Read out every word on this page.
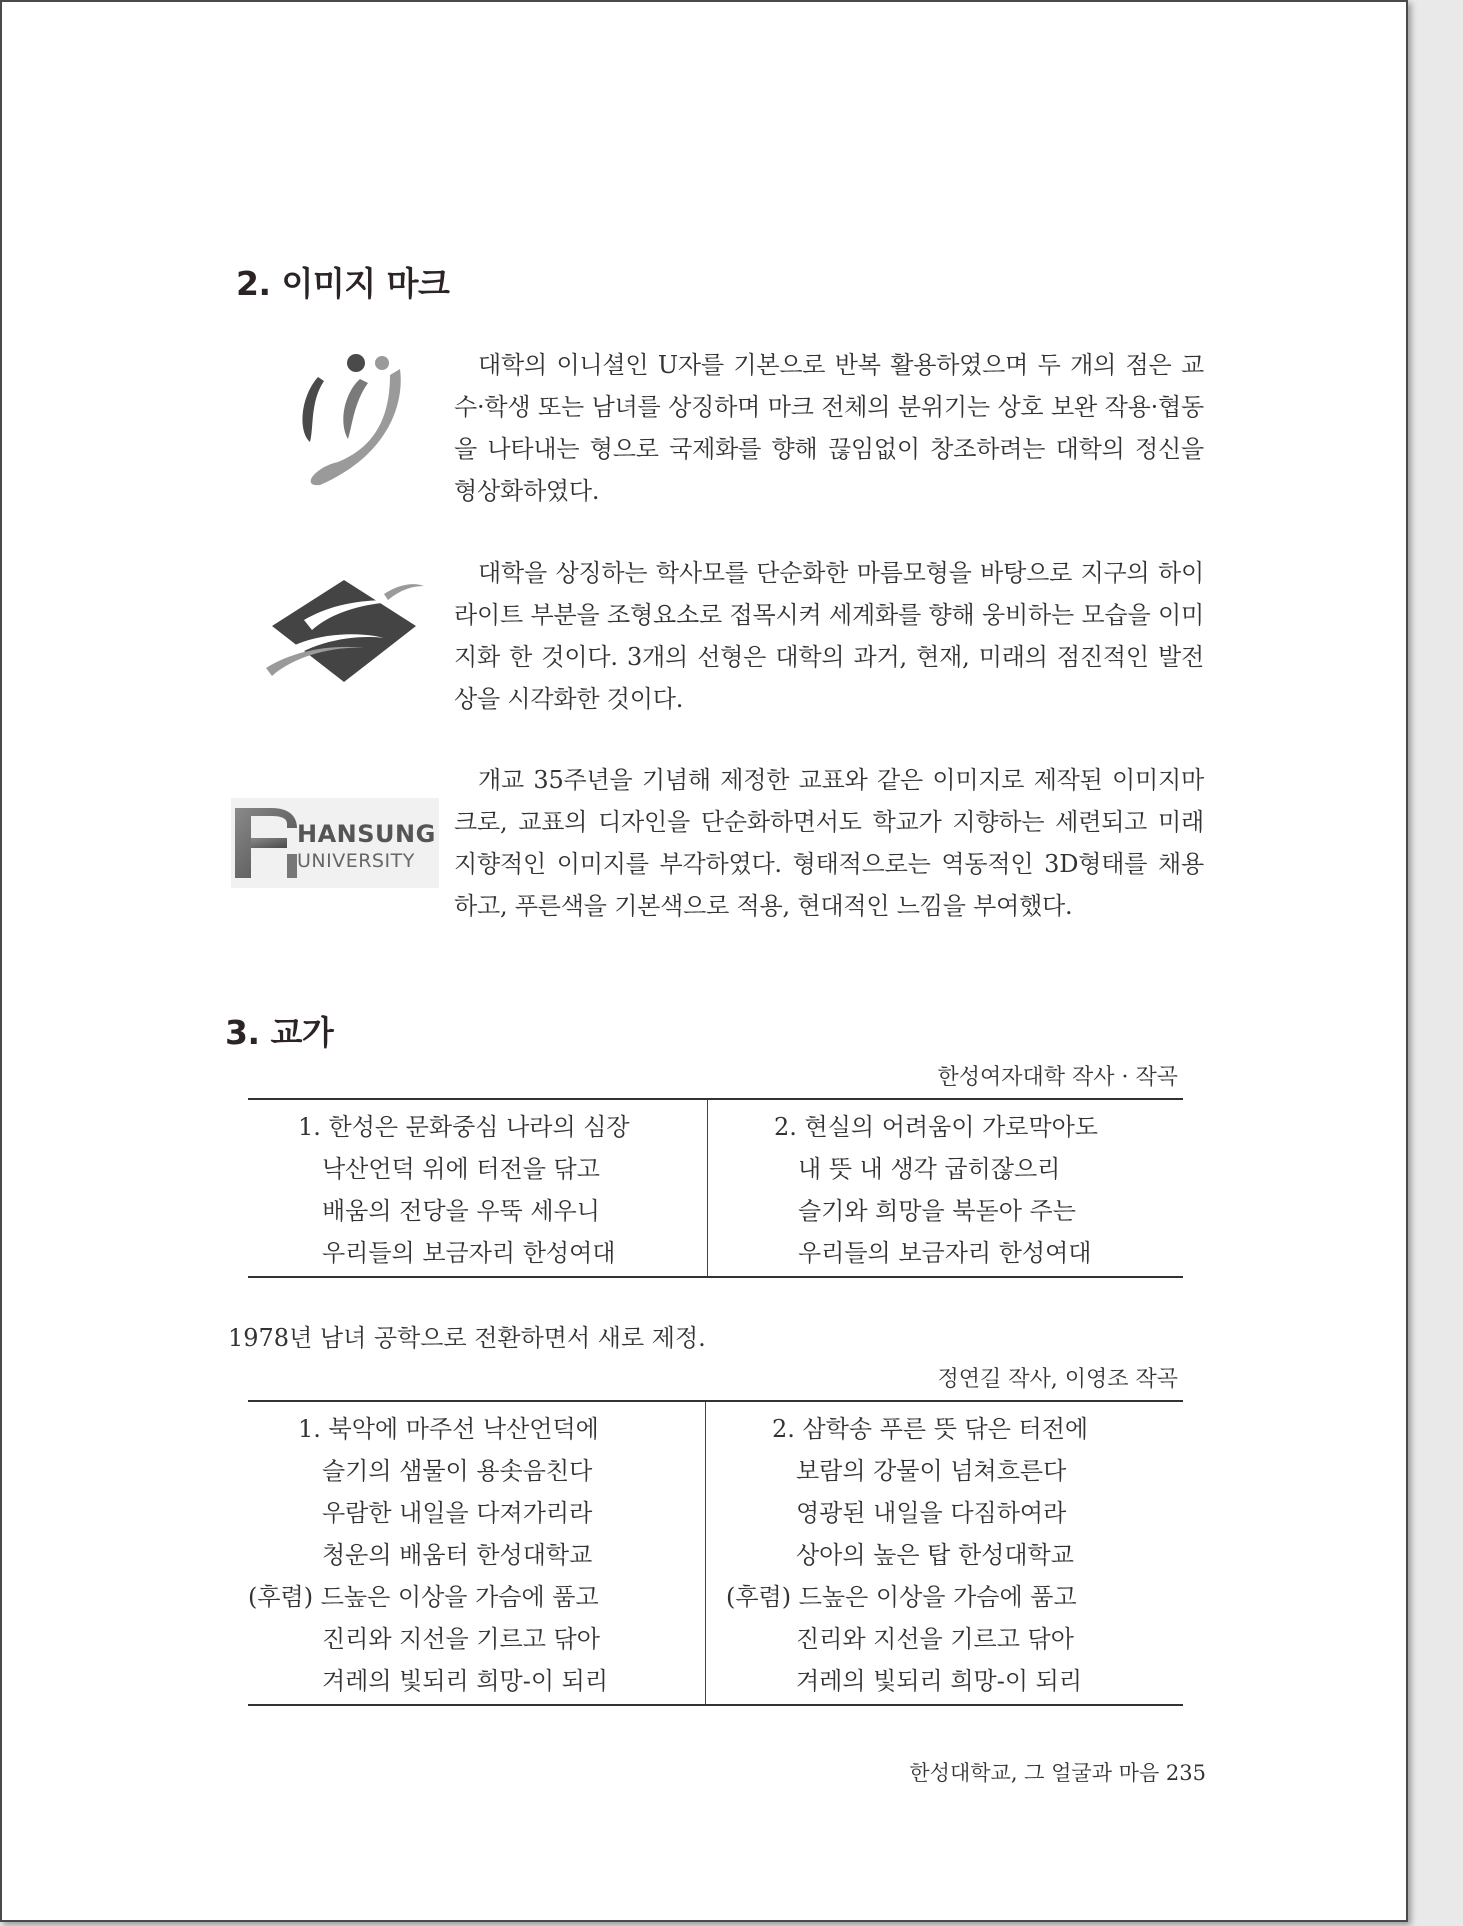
2. 이미지 마크
대학의 이니셜인 U자를 기본으로 반복 활용하였으며 두 개의 점은 교수·학생 또는 남녀를 상징하며 마크 전체의 분위기는 상호 보완 작용·협동을 나타내는 형으로 국제화를 향해 끊임없이 창조하려는 대학의 정신을 형상화하였다.
대학을 상징하는 학사모를 단순화한 마름모형을 바탕으로 지구의 하이라이트 부분을 조형요소로 접목시켜 세계화를 향해 웅비하는 모습을 이미지화 한 것이다. 3개의 선형은 대학의 과거, 현재, 미래의 점진적인 발전상을 시각화한 것이다.
HANSUNG
UNIVERSITY
개교 35주년을 기념해 제정한 교표와 같은 이미지로 제작된 이미지마크로, 교표의 디자인을 단순화하면서도 학교가 지향하는 세련되고 미래 지향적인 이미지를 부각하였다. 형태적으로는 역동적인 3D형태를 채용하고, 푸른색을 기본색으로 적용, 현대적인 느낌을 부여했다.
3. 교가
한성여자대학 작사 · 작곡
1. 한성은 문화중심 나라의 심장
낙산언덕 위에 터전을 닦고
배움의 전당을 우뚝 세우니
우리들의 보금자리 한성여대
2. 현실의 어려움이 가로막아도
내 뜻 내 생각 굽히잖으리
슬기와 희망을 북돋아 주는
우리들의 보금자리 한성여대
1978년 남녀 공학으로 전환하면서 새로 제정.
정연길 작사, 이영조 작곡
1. 북악에 마주선 낙산언덕에
슬기의 샘물이 용솟음친다
우람한 내일을 다져가리라
청운의 배움터 한성대학교
(후렴) 드높은 이상을 가슴에 품고
진리와 지선을 기르고 닦아
겨레의 빛되리 희망-이 되리
2. 삼학송 푸른 뜻 닦은 터전에
보람의 강물이 넘쳐흐른다
영광된 내일을 다짐하여라
상아의 높은 탑 한성대학교
(후렴) 드높은 이상을 가슴에 품고
진리와 지선을 기르고 닦아
겨레의 빛되리 희망-이 되리
한성대학교, 그 얼굴과 마음 235
